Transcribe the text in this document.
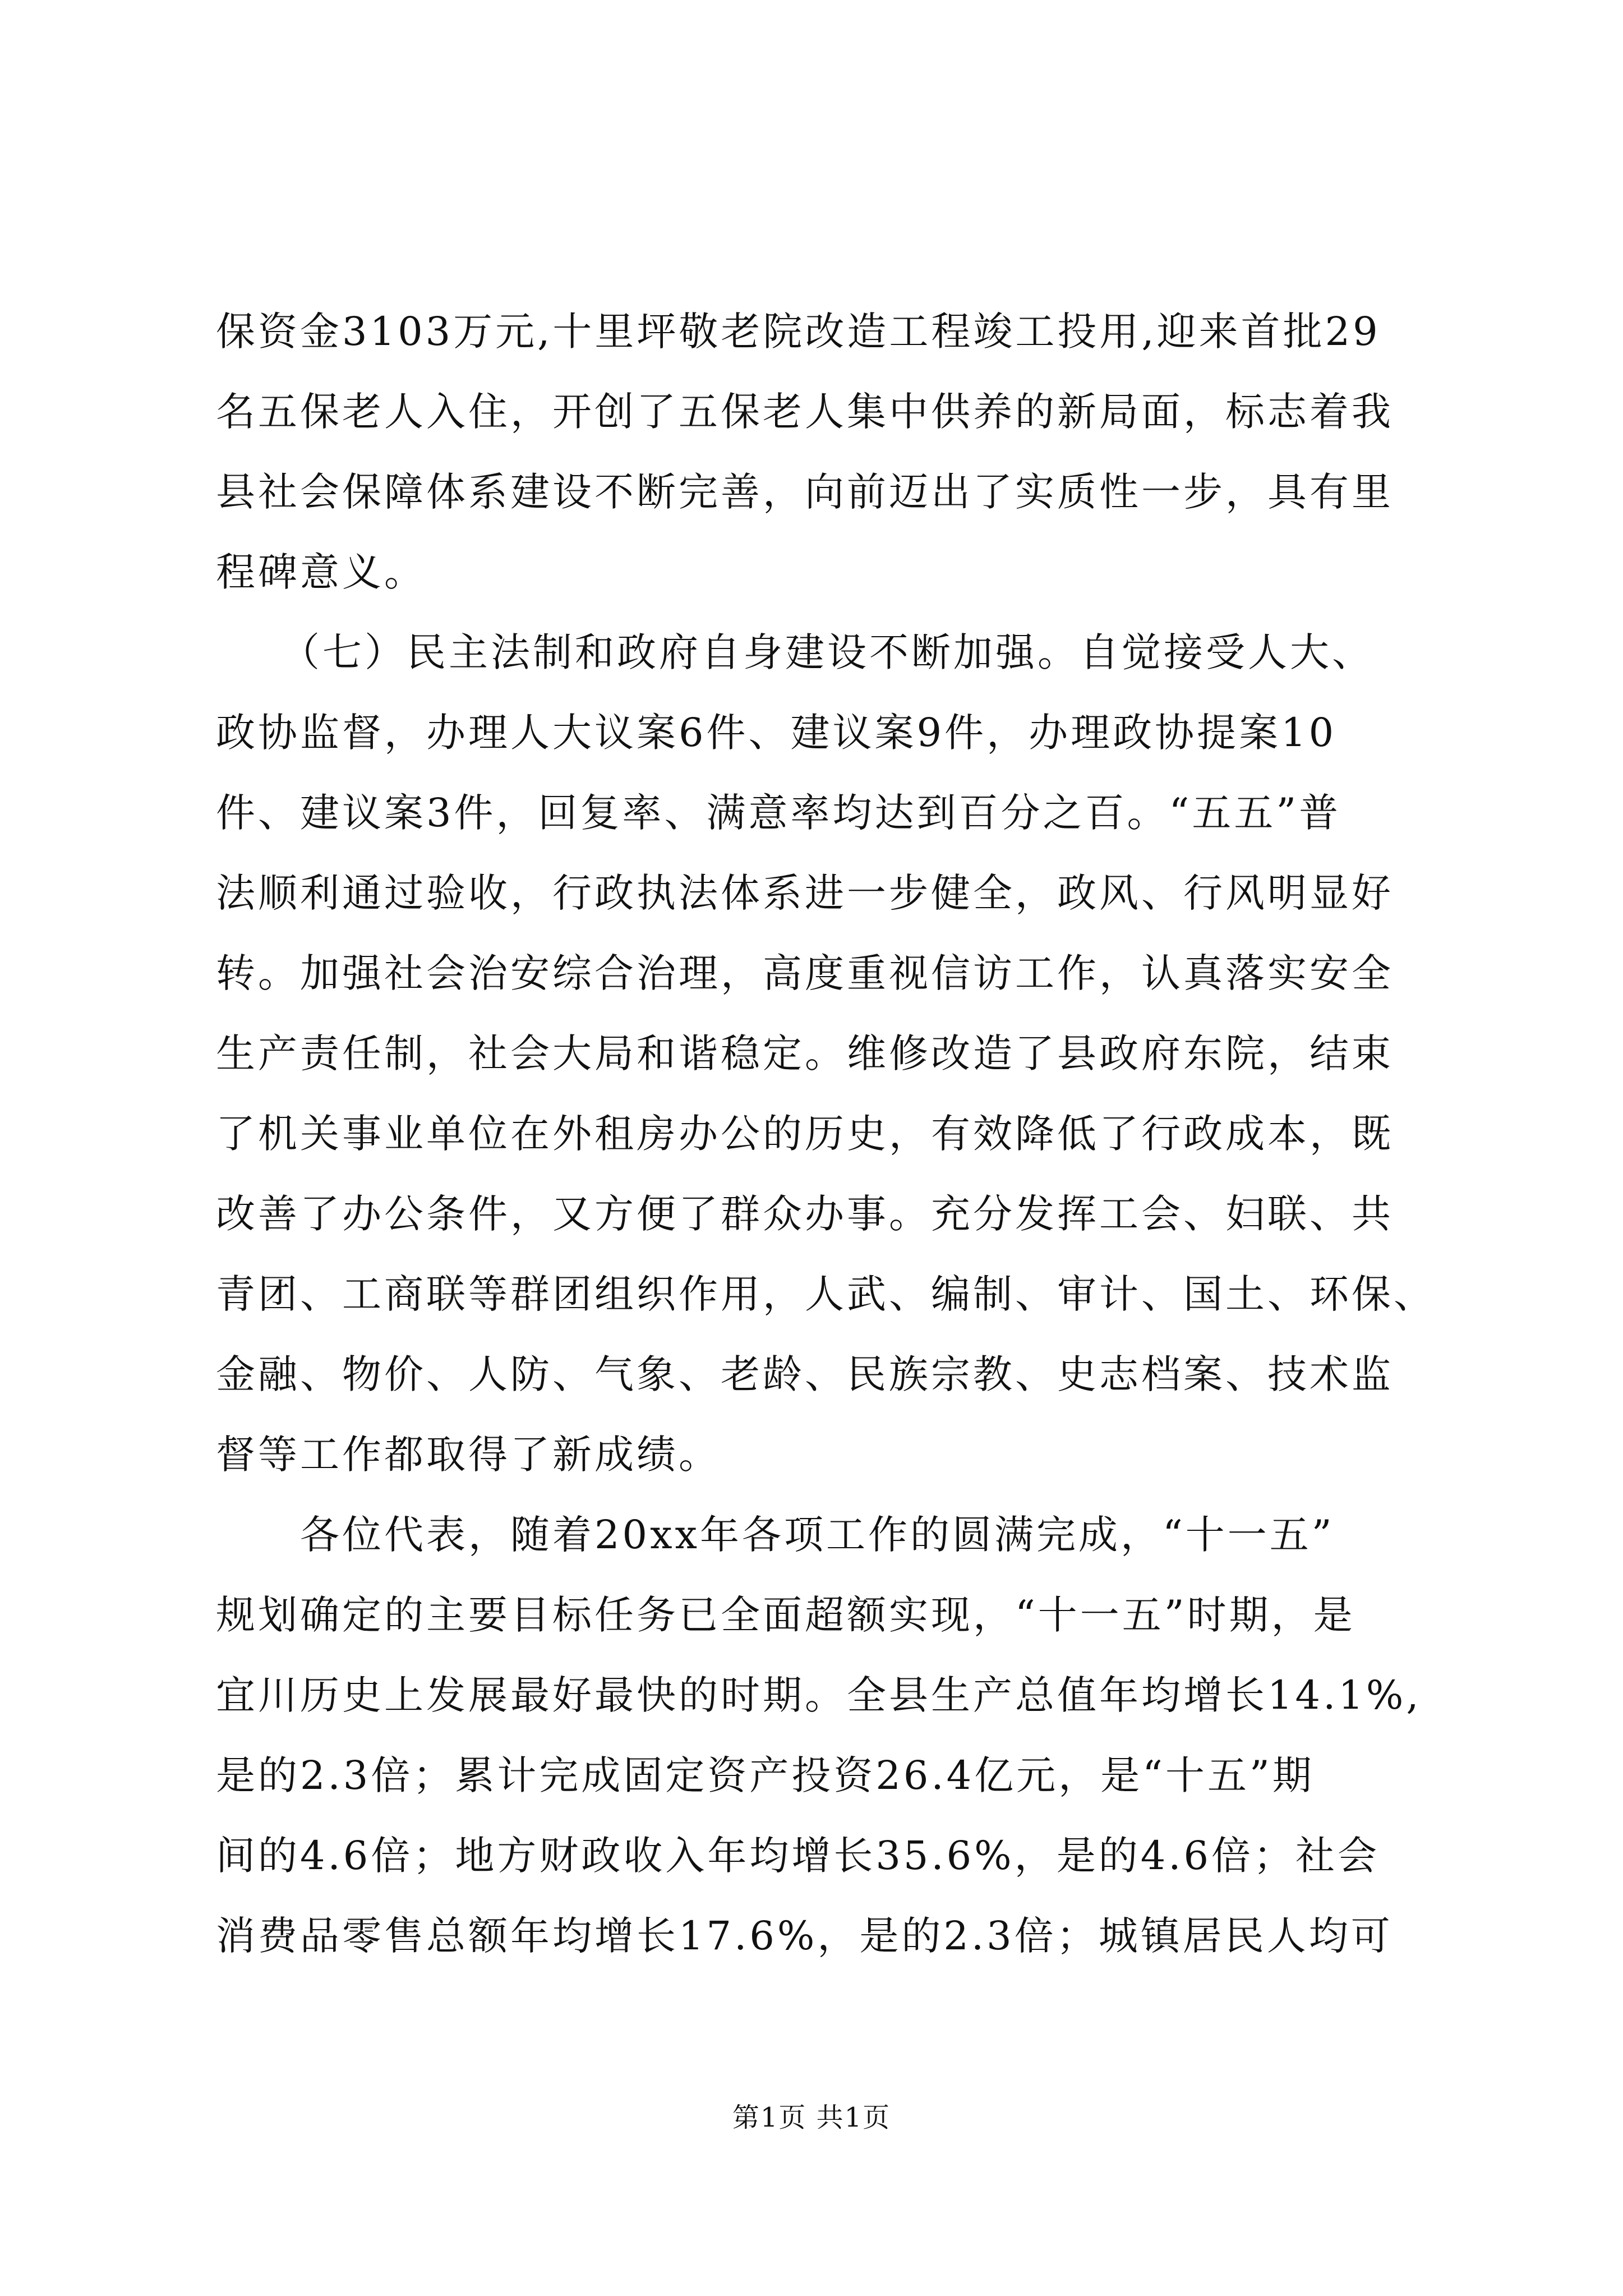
保资金3103万元,十里坪敬老院改造工程竣工投用,迎来首批29
名五保老人入住，开创了五保老人集中供养的新局面，标志着我
县社会保障体系建设不断完善，向前迈出了实质性一步，具有里
程碑意义。
　　（七）民主法制和政府自身建设不断加强。自觉接受人大、
政协监督，办理人大议案6件、建议案9件，办理政协提案10
件、建议案3件，回复率、满意率均达到百分之百。“五五”普
法顺利通过验收，行政执法体系进一步健全，政风、行风明显好
转。加强社会治安综合治理，高度重视信访工作，认真落实安全
生产责任制，社会大局和谐稳定。维修改造了县政府东院，结束
了机关事业单位在外租房办公的历史，有效降低了行政成本，既
改善了办公条件，又方便了群众办事。充分发挥工会、妇联、共
青团、工商联等群团组织作用，人武、编制、审计、国土、环保、
金融、物价、人防、气象、老龄、民族宗教、史志档案、技术监
督等工作都取得了新成绩。
　　各位代表，随着20xx年各项工作的圆满完成，“十一五”
规划确定的主要目标任务已全面超额实现，“十一五”时期，是
宜川历史上发展最好最快的时期。全县生产总值年均增长14.1%,
是的2.3倍；累计完成固定资产投资26.4亿元，是“十五”期
间的4.6倍；地方财政收入年均增长35.6%，是的4.6倍；社会
消费品零售总额年均增长17.6%，是的2.3倍；城镇居民人均可
第1页 共1页
